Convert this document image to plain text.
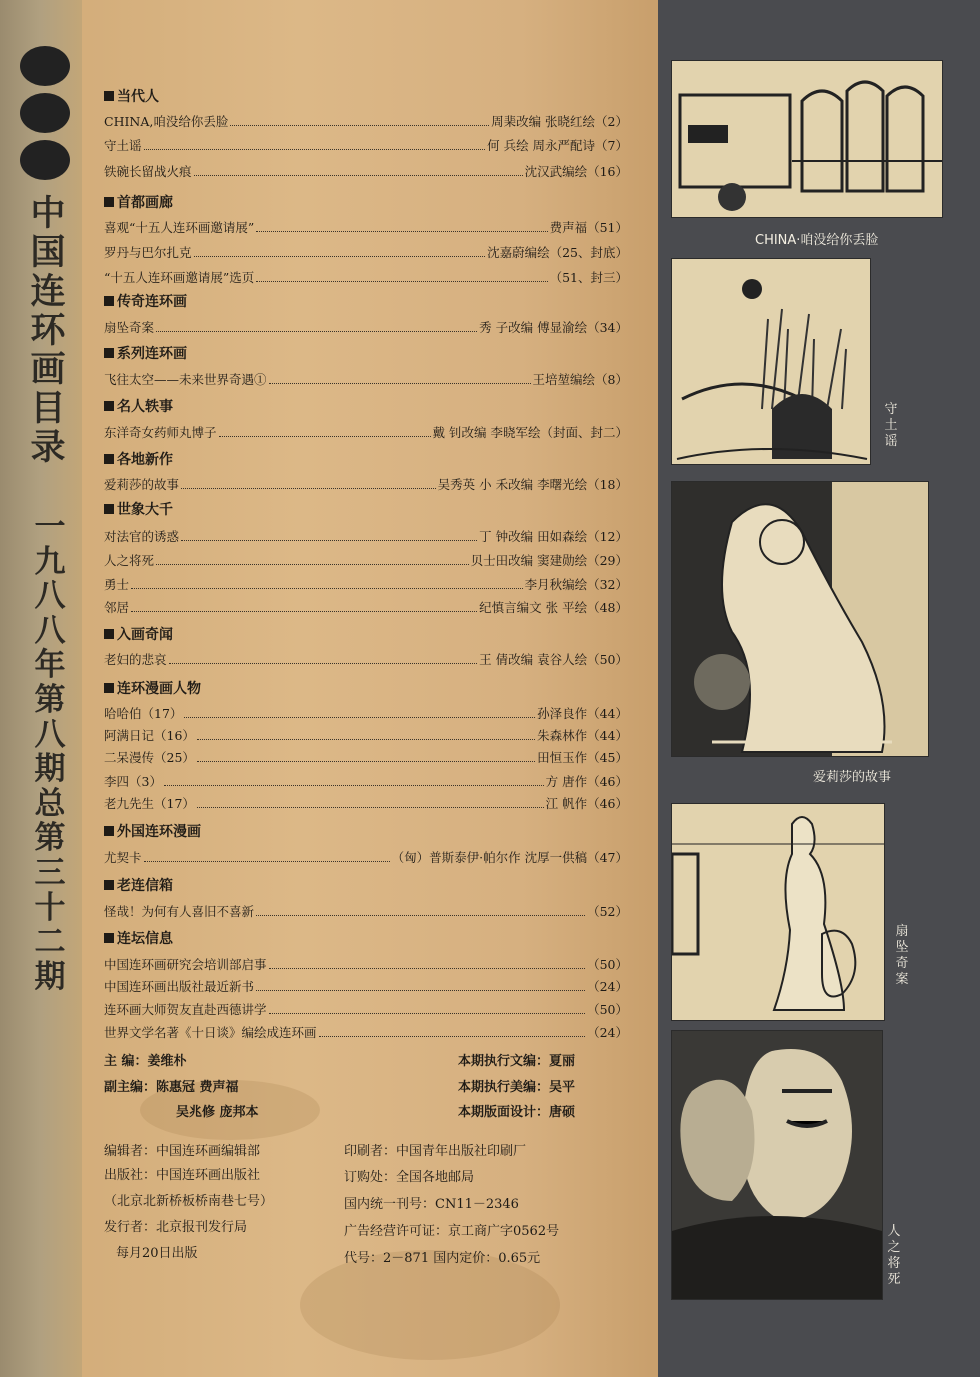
中国连环画目录
一九八八年第八期总第三十二期
当代人
CHINA,咱没给你丢脸	周棐改编 张晓红绘（2）
守土谣	何 兵绘 周永严配诗（7）
铁碗长留战火痕	沈汉武编绘（16）
首都画廊
喜观“十五人连环画邀请展”	费声福（51）
罗丹与巴尔扎克	沈嘉蔚编绘（25、封底）
“十五人连环画邀请展”选页	（51、封三）
传奇连环画
扇坠奇案	秀 子改编 傅显渝绘（34）
系列连环画
飞往太空——未来世界奇遇①	王培堃编绘（8）
名人轶事
东洋奇女药师丸博子	戴 钊改编 李晓军绘（封面、封二）
各地新作
爱莉莎的故事	吴秀英 小 禾改编 李曙光绘（18）
世象大千
对法官的诱惑	丁 钟改编 田如森绘（12）
人之将死	贝士田改编 窦建勋绘（29）
勇士	李月秋编绘（32）
邻居	纪慎言编文 张 平绘（48）
入画奇闻
老妇的悲哀	王 倩改编 袁谷人绘（50）
连环漫画人物
哈哈伯（17）	孙泽良作（44）
阿满日记（16）	朱森林作（44）
二呆漫传（25）	田恒玉作（45）
李四（3）	方 唐作（46）
老九先生（17）	江 帆作（46）
外国连环漫画
尤契卡	（匈）普斯泰伊·帕尔作 沈厚一供稿（47）
老连信箱
怪哉！为何有人喜旧不喜新	（52）
连坛信息
中国连环画研究会培训部启事	（50）
中国连环画出版社最近新书	（24）
连环画大师贺友直赴西德讲学	（50）
世界文学名著《十日谈》编绘成连环画	（24）
主 编：姜维朴
副主编：陈惠冠 费声福
吴兆修 庞邦本
本期执行文编：夏丽
本期执行美编：吴平
本期版面设计：唐硕
编辑者：中国连环画编辑部
出版社：中国连环画出版社
（北京北新桥板桥南巷七号）
发行者：北京报刊发行局
每月20日出版
印刷者：中国青年出版社印刷厂
订购处：全国各地邮局
国内统一刊号：CN11－2346
广告经营许可证：京工商广字0562号
代号：2－871 国内定价：0.65元
CHINA·咱没给你丢脸
守土谣
爱莉莎的故事
扇坠奇案
人之将死
